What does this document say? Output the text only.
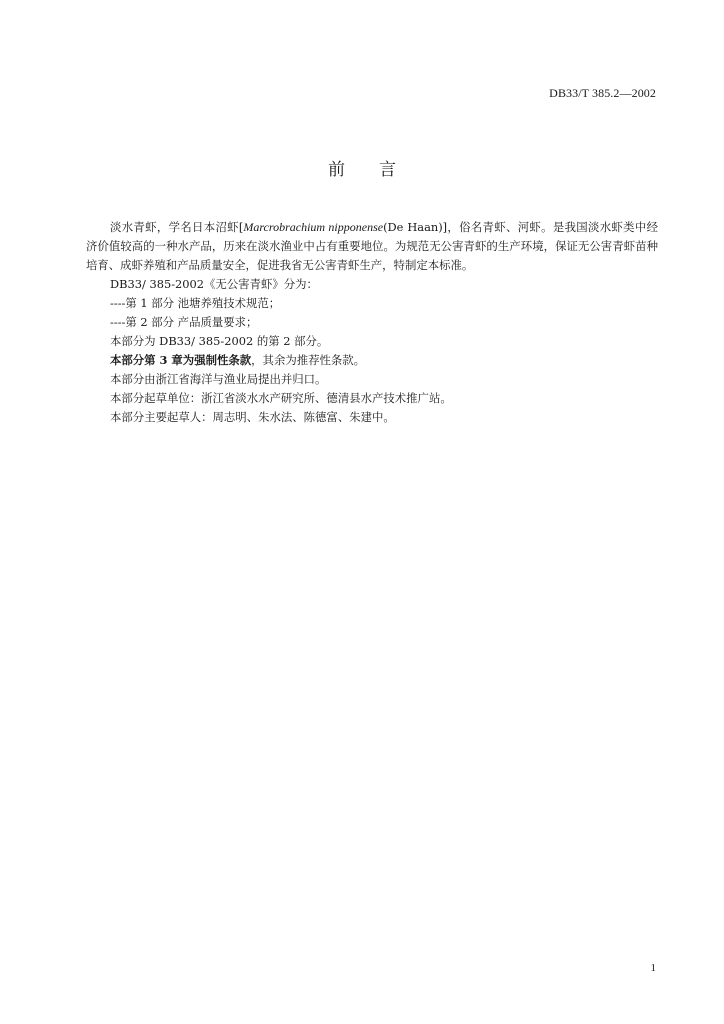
DB33/T 385.2—2002
前 言

淡水青虾，学名日本沼虾[Marcrobrachium nipponense(De Haan)]，俗名青虾、河虾。是我国淡水虾类中经济价值较高的一种水产品，历来在淡水渔业中占有重要地位。为规范无公害青虾的生产环境，保证无公害青虾苗种培育、成虾养殖和产品质量安全，促进我省无公害青虾生产，特制定本标准。

DB33/ 385-2002《无公害青虾》分为：

----第 1 部分 池塘养殖技术规范；

----第 2 部分 产品质量要求；

本部分为 DB33/ 385-2002 的第 2 部分。

本部分第 3 章为强制性条款，其余为推荐性条款。

本部分由浙江省海洋与渔业局提出并归口。

本部分起草单位：浙江省淡水水产研究所、德清县水产技术推广站。

本部分主要起草人：周志明、朱水法、陈德富、朱建中。

1
